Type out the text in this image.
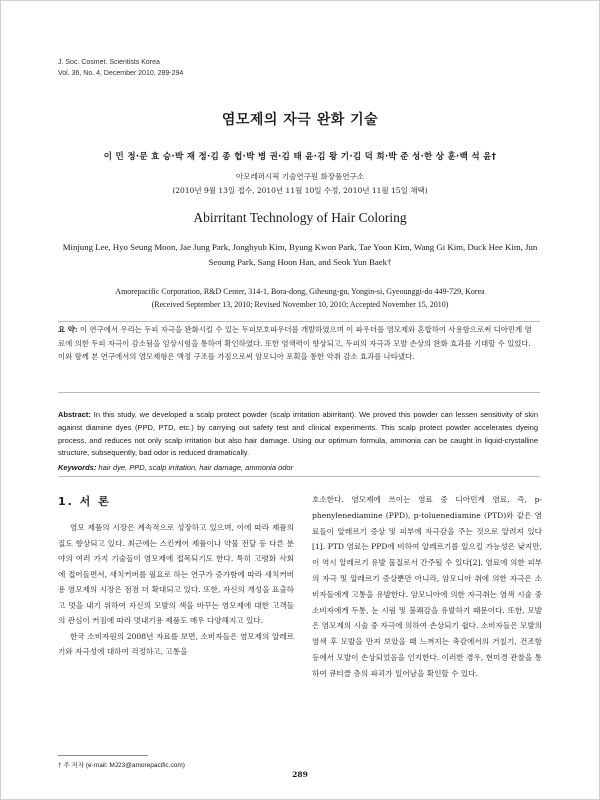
J. Soc. Cosmet. Scientists Korea
Vol. 36, No. 4, December 2010, 289-294
염모제의 자극 완화 기술
이 민 정·문 효 승·박 재 정·김 종 헙·박 병 권·김 태 윤·김 왕 기·김 덕 희·박 준 성·한 상 훈·백 석 윤†
아모레퍼시픽 기술연구원 화장품연구소
(2010년 9월 13일 접수, 2010년 11월 10일 수정, 2010년 11월 15일 채택)
Abirritant Technology of Hair Coloring
Minjung Lee, Hyo Seung Moon, Jae Jung Park, Jonghyub Kim, Byung Kwon Park, Tae Yoon Kim, Wang Gi Kim, Duck Hee Kim, Jun Seoung Park, Sang Hoon Han, and Seok Yun Baek†
Amorepacific Corporation, R&D Center, 314-1, Bora-dong, Giheung-gu, Yongin-si, Gyeounggi-do 449-729, Korea
(Received September 13, 2010; Revised November 10, 2010; Accepted November 15, 2010)
요 약: 이 연구에서 우리는 두피 자극을 완화시킬 수 있는 두피보호파우더를 개발하였으며 이 파우더를 염모제와 혼합하여 사용함으로써 디아민계 염료에 의한 두피 자극이 감소됨을 임상시험을 통하여 확인하였다. 또한 염색력이 향상되고, 두피의 자극과 모발 손상의 완화 효과를 기대할 수 있었다. 이와 함께 본 연구에서의 염모제형은 액정 구조를 가짐으로써 암모니아 포획을 통한 악취 감소 효과를 나타냈다.
Abstract: In this study, we developed a scalp protect powder (scalp irritation abirritant). We proved this powder can lessen sensitivity of skin against diamine dyes (PPD, PTD, etc.) by carrying out safety test and clinical experiments. This scalp protect powder accelerates dyeing process, and reduces not only scalp irritation but also hair damage. Using our optimum formula, ammonia can be caught in liquid-crystalline structure, subsequently, bad odor is reduced dramatically.
Keywords: hair dye, PPD, scalp irritation, hair damage, ammonia odor
1. 서 론

염모 제품의 시장은 계속적으로 성장하고 있으며, 이에 따라 제품의 질도 향상되고 있다. 최근에는 스킨케어 제품이나 약물 전달 등 다른 분야의 여러 가지 기술들이 염모제에 접목되기도 한다. 특히 고령화 사회에 접어들면서, 새치커버를 필요로 하는 연구가 증가함에 따라 새치커버용 염모제의 시장은 점점 더 확대되고 있다. 또한, 자신의 개성을 표출하고 멋을 내기 위하여 자신의 모발의 색을 바꾸는 염모제에 대한 고객들의 관심이 커짐에 따라 멋내기용 제품도 매우 다양해지고 있다.

한국 소비자원의 2008년 자료를 보면, 소비자들은 염모제의 알레르기와 자극성에 대하여 걱정하고, 고통을

호소한다. 염모제에 쓰이는 염료 중 디아민계 염료, 즉, p-phenylenediamine (PPD), p-toluenediamine (PTD)와 같은 염료들이 알레르기 증상 및 피부에 자극감을 주는 것으로 알려져 있다[1]. PTD 염료는 PPD에 비하여 알레르기를 일으킬 가능성은 낮지만, 이 역시 알레르기 유발 물질로서 간주될 수 있다[2]. 염료에 의한 피부의 자극 및 알레르기 증상뿐만 아니라, 암모니아 취에 의한 자극은 소비자들에게 고통을 유발한다. 암모니아에 의한 자극취는 염색 시술 중 소비자에게 두통, 눈 시림 및 불쾌감을 유발하기 때문이다. 또한, 모발은 염모제의 시술 중 자극에 의하여 손상되기 쉽다. 소비자들은 모발의 염색 후 모발을 만져 보았을 때 느껴지는 촉감에서의 거칠기, 건조함 등에서 모발이 손상되었음을 인지한다. 이러한 경우, 현미경 관찰을 통하여 큐티클 층의 파괴가 일어남을 확인할 수 있다.

† 주 저자 (e-mail: MJ23@amorepacific.com)
289
